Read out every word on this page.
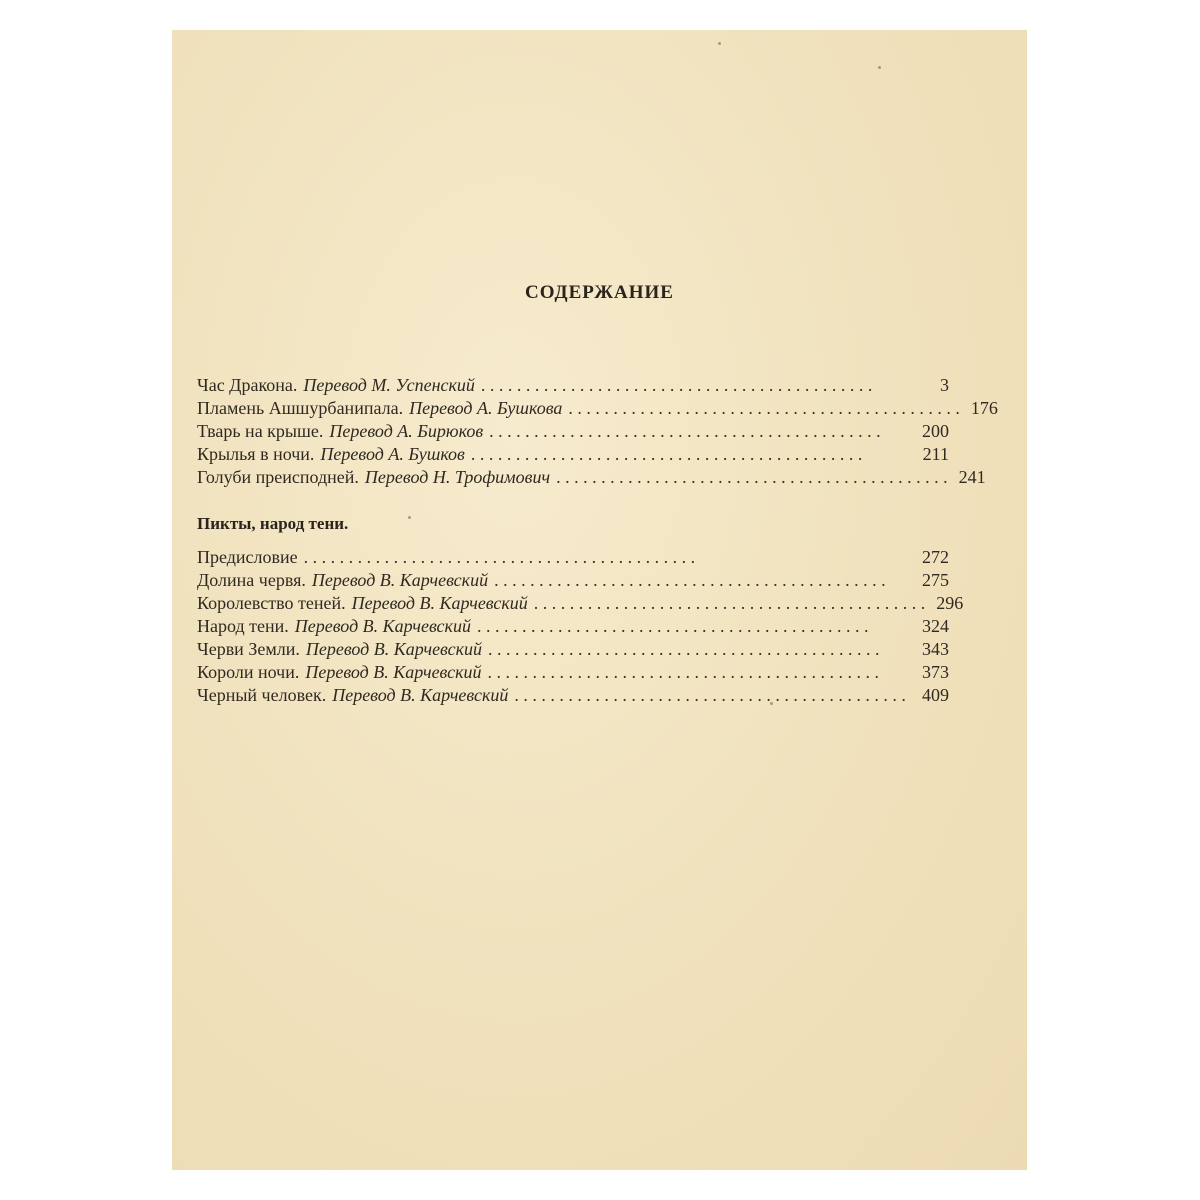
СОДЕРЖАНИЕ
Час Дракона. Перевод М. Успенский . . . . . . . . . . . . . . . . . . . . . . . . . . . . . . . . . . . . . . . . . . . .	3
Пламень Ашшурбанипала. Перевод А. Бушкова . . . . . . . . . . . . . . . . . . . . . . . . . . . . . . . . . . . . . . . . . . . . 176
Тварь на крыше. Перевод А. Бирюков . . . . . . . . . . . . . . . . . . . . . . . . . . . . . . . . . . . . . . . . . . . .	200
Крылья в ночи. Перевод А. Бушков . . . . . . . . . . . . . . . . . . . . . . . . . . . . . . . . . . . . . . . . . . . .	211
Голуби преисподней. Перевод Н. Трофимович . . . . . . . . . . . . . . . . . . . . . . . . . . . . . . . . . . . . . . . . . . . . 241
Пикты, народ тени.
Предисловие . . . . . . . . . . . . . . . . . . . . . . . . . . . . . . . . . . . . . . . . . . . .	272
Долина червя. Перевод В. Карчевский . . . . . . . . . . . . . . . . . . . . . . . . . . . . . . . . . . . . . . . . . . . .	275
Королевство теней. Перевод В. Карчевский . . . . . . . . . . . . . . . . . . . . . . . . . . . . . . . . . . . . . . . . . . . . 296
Народ тени. Перевод В. Карчевский . . . . . . . . . . . . . . . . . . . . . . . . . . . . . . . . . . . . . . . . . . . .	324
Черви Земли. Перевод В. Карчевский . . . . . . . . . . . . . . . . . . . . . . . . . . . . . . . . . . . . . . . . . . . .	343
Короли ночи. Перевод В. Карчевский . . . . . . . . . . . . . . . . . . . . . . . . . . . . . . . . . . . . . . . . . . . .	373
Черный человек. Перевод В. Карчевский . . . . . . . . . . . . . . . . . . . . . . . . . . . . . . . . . . . . . . . . . . . . 409
